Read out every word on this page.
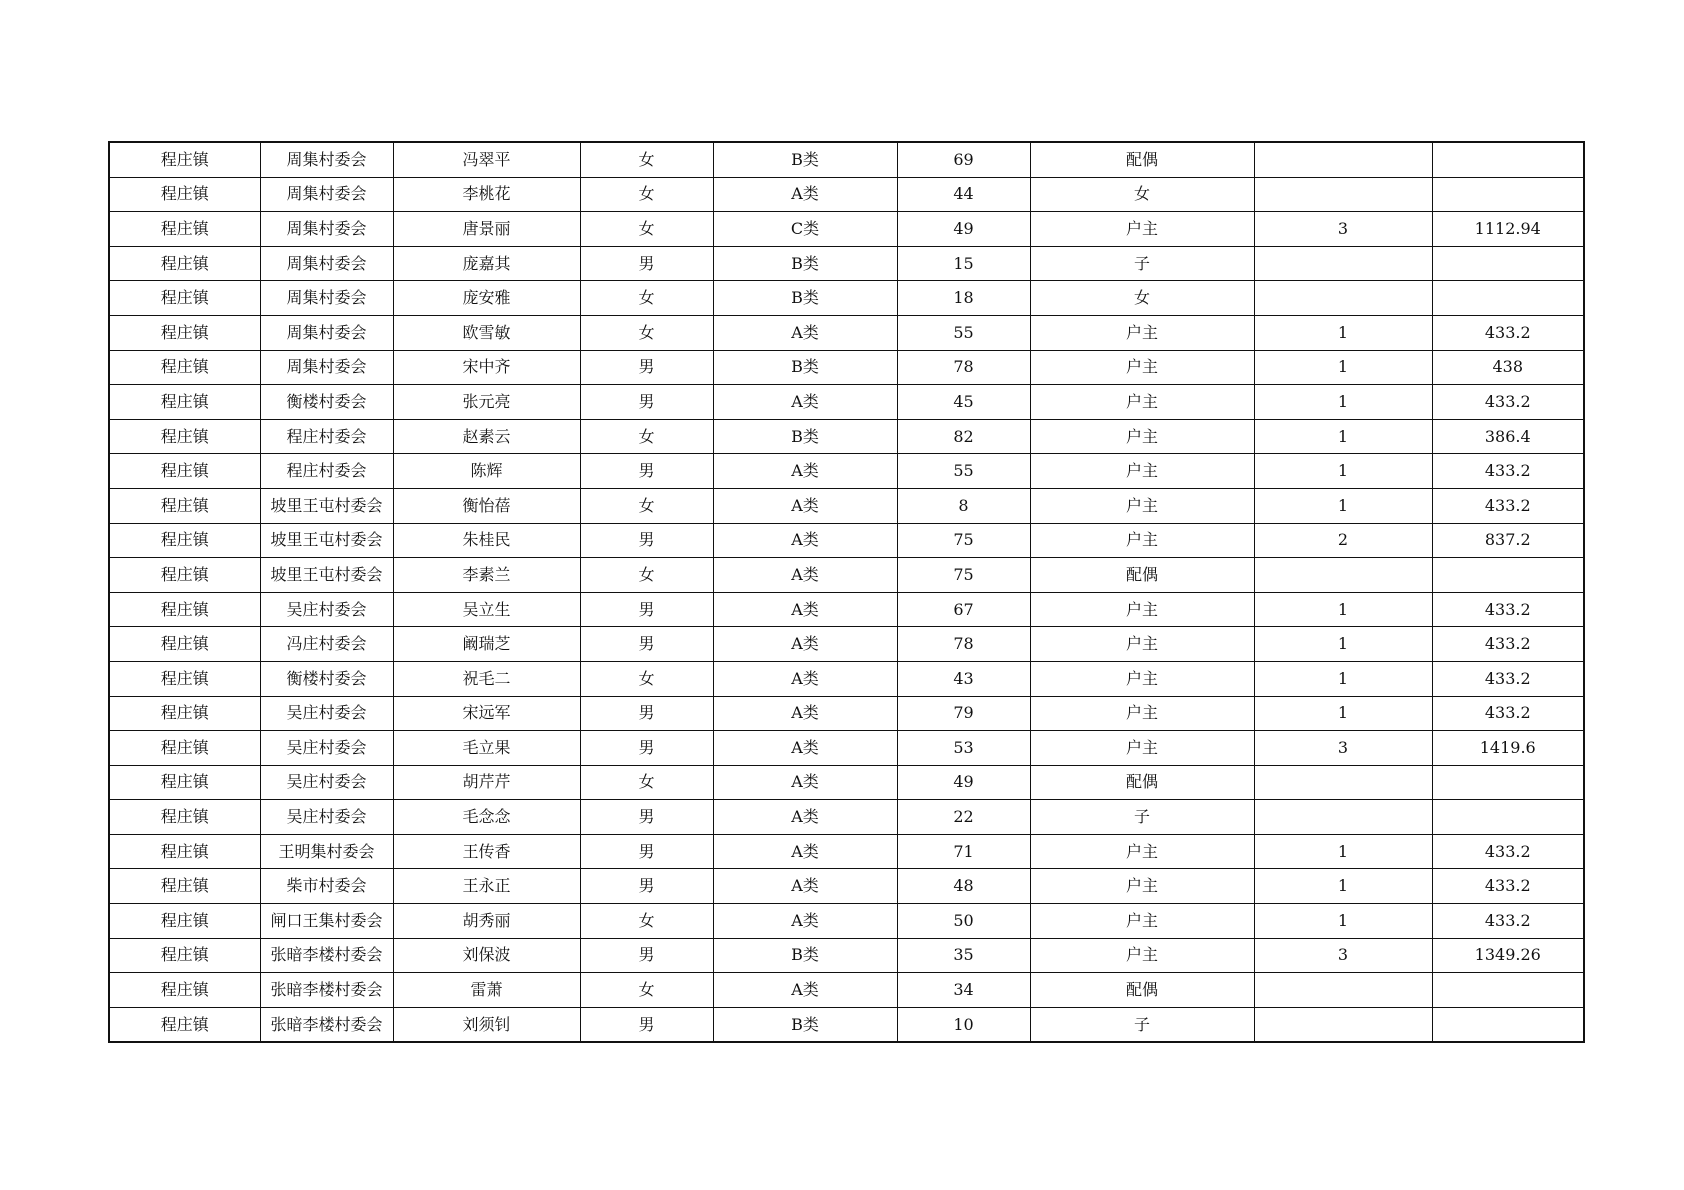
程庄镇	周集村委会	冯翠平	女	B类	69	配偶		
程庄镇	周集村委会	李桃花	女	A类	44	女		
程庄镇	周集村委会	唐景丽	女	C类	49	户主	3	1112.94
程庄镇	周集村委会	庞嘉其	男	B类	15	子		
程庄镇	周集村委会	庞安雅	女	B类	18	女		
程庄镇	周集村委会	欧雪敏	女	A类	55	户主	1	433.2
程庄镇	周集村委会	宋中齐	男	B类	78	户主	1	438
程庄镇	衡楼村委会	张元亮	男	A类	45	户主	1	433.2
程庄镇	程庄村委会	赵素云	女	B类	82	户主	1	386.4
程庄镇	程庄村委会	陈辉	男	A类	55	户主	1	433.2
程庄镇	坡里王屯村委会	衡怡蓓	女	A类	8	户主	1	433.2
程庄镇	坡里王屯村委会	朱桂民	男	A类	75	户主	2	837.2
程庄镇	坡里王屯村委会	李素兰	女	A类	75	配偶		
程庄镇	吴庄村委会	吴立生	男	A类	67	户主	1	433.2
程庄镇	冯庄村委会	阚瑞芝	男	A类	78	户主	1	433.2
程庄镇	衡楼村委会	祝毛二	女	A类	43	户主	1	433.2
程庄镇	吴庄村委会	宋远军	男	A类	79	户主	1	433.2
程庄镇	吴庄村委会	毛立果	男	A类	53	户主	3	1419.6
程庄镇	吴庄村委会	胡芹芹	女	A类	49	配偶		
程庄镇	吴庄村委会	毛念念	男	A类	22	子		
程庄镇	王明集村委会	王传香	男	A类	71	户主	1	433.2
程庄镇	柴市村委会	王永正	男	A类	48	户主	1	433.2
程庄镇	闸口王集村委会	胡秀丽	女	A类	50	户主	1	433.2
程庄镇	张暗李楼村委会	刘保波	男	B类	35	户主	3	1349.26
程庄镇	张暗李楼村委会	雷萧	女	A类	34	配偶		
程庄镇	张暗李楼村委会	刘须钊	男	B类	10	子		
